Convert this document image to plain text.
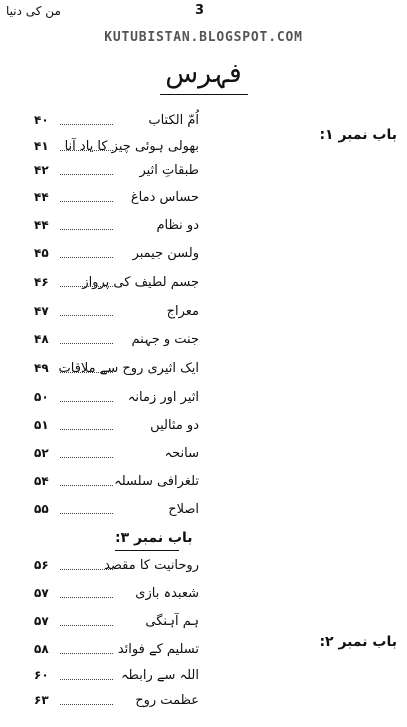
من کی دنیا	3
KUTUBISTAN.BLOGSPOT.COM
فہرس
باب نمبر ۱:
باب نمبر ۲:
اُمّ الکتاب
۴۰
بھولی ہوئی چیز کا یاد آنا
۴۱
طبقاتِ اثیر
۴۲
حساس دماغ
۴۴
دو نظام
۴۴
ولسن جیمبر
۴۵
جسم لطیف کی پرواز
۴۶
معراج
۴۷
جنت و جہنم
۴۸
ایک اثیری روح سے ملاقات
۴۹
اثیر اور زمانہ
۵۰
دو مثالیں
۵۱
سانحہ
۵۲
تلغرافی سلسلہ
۵۴
اصلاح
۵۵
باب نمبر ۳:
روحانیت کا مقصد
۵۶
شعبدہ بازی
۵۷
ہم آہنگی
۵۷
تسلیم کے فوائد
۵۸
اللہ سے رابطہ
۶۰
عظمت روح
۶۳
